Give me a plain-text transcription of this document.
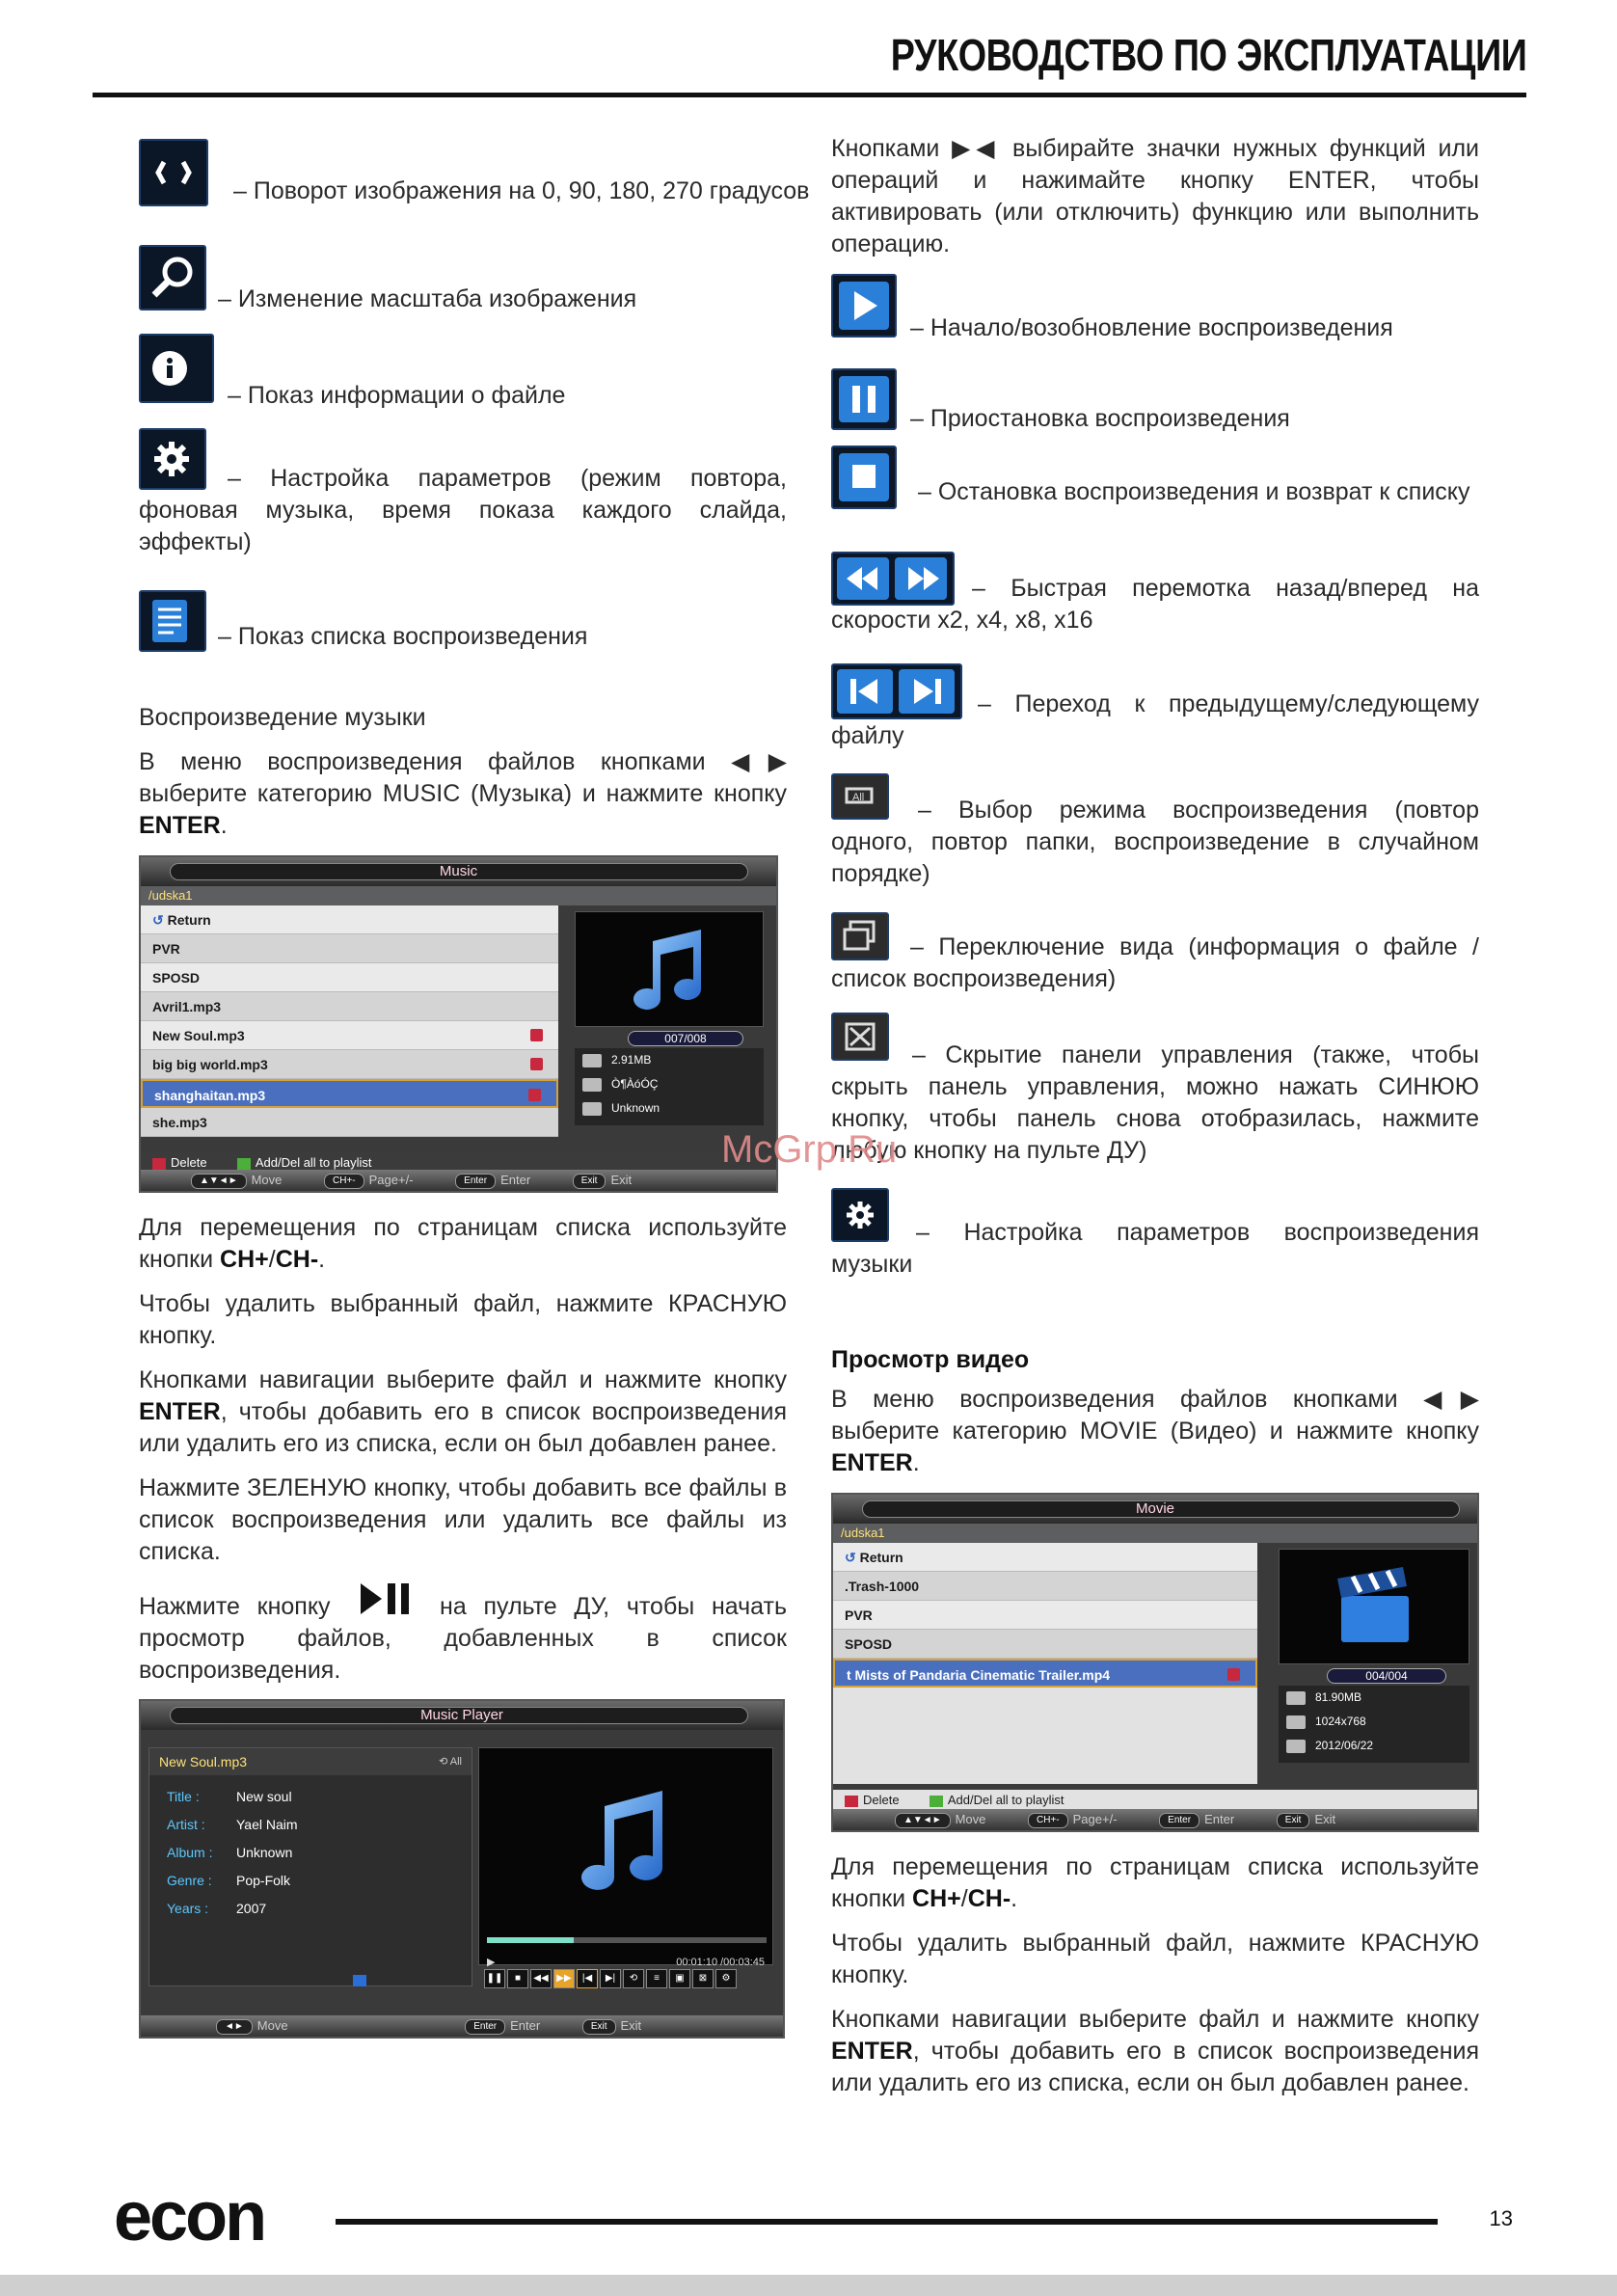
РУКОВОДСТВО ПО ЭКСПЛУАТАЦИИ
– Поворот изображения на 0, 90, 180, 270 градусов
– Изменение масштаба изображения
– Показ информации о файле
– Настройка параметров (режим повтора, фоновая музыка, время показа каждого слайда, эффекты)
– Показ списка воспроизведения
Воспроизведение музыки
В меню воспроизведения файлов кнопками ◀▶ выберите категорию MUSIC (Музыка) и нажмите кнопку ENTER.
Music
/udska1
↺ Return
PVR
SPOSD
Avril1.mp3
New Soul.mp3
big big world.mp3
shanghaitan.mp3
she.mp3
007/008
2.91MB
Ò¶ÀóÓÇ
Unknown
Delete	Add/Del all to playlist
▲▼◄► Move	CH+- Page+/-	Enter Enter	Exit Exit
Для перемещения по страницам списка используйте кнопки CH+/CH-.
Чтобы удалить выбранный файл, нажмите КРАСНУЮ кнопку.
Кнопками навигации выберите файл и нажмите кнопку ENTER, чтобы добавить его в список воспроизведения или удалить его из списка, если он был добавлен ранее.
Нажмите ЗЕЛЕНУЮ кнопку, чтобы добавить все файлы в список воспроизведения или удалить все файлы из списка.
Нажмите кнопку	на пульте ДУ, чтобы начать просмотр файлов, добавленных в список воспроизведения.
Music Player
New Soul.mp3	⟲ All
Title :	New soul
Artist : Yael Naim
Album : Unknown
Genre : Pop-Folk
Years : 2007
▶	00:01:10 /00:03:45
❚❚	■	◀◀ ▶▶	|◀	▶|	⟲	≡	▣	⊠	⚙
◄► Move	Enter Enter	Exit Exit
Кнопками ▶◀ выбирайте значки нужных функций или операций и нажимайте кнопку ENTER, чтобы активировать (или отключить) функцию или выполнить операцию.
– Начало/возобновление воспроизведения
– Приостановка воспроизведения
– Остановка воспроизведения и возврат к списку
– Быстрая перемотка назад/вперед на скорости x2, x4, x8, x16
– Переход к предыдущему/следующему файлу
All	– Выбор режима воспроизведения (повтор одного, повтор папки, воспроизведение в случайном порядке)
– Переключение вида (информация о файле / список воспроизведения)
– Скрытие панели управления (также, чтобы скрыть панель управления, можно нажать СИНЮЮ кнопку, чтобы панель снова отобразилась, нажмите любую кнопку на пульте ДУ)
– Настройка параметров воспроизведения музыки
Просмотр видео
В меню воспроизведения файлов кнопками ◀▶ выберите категорию MOVIE (Видео) и нажмите кнопку ENTER.
Movie
/udska1
↺ Return
.Trash-1000
PVR
SPOSD
t Mists of Pandaria Cinematic Trailer.mp4	004/004
81.90MB
1024x768
2012/06/22
Delete	Add/Del all to playlist
▲▼◄► Move	CH+- Page+/-	Enter Enter	Exit Exit
Для перемещения по страницам списка используйте кнопки CH+/CH-.
Чтобы удалить выбранный файл, нажмите КРАСНУЮ кнопку.
Кнопками навигации выберите файл и нажмите кнопку ENTER, чтобы добавить его в список воспроизведения или удалить его из списка, если он был добавлен ранее.
McGrp.Ru
econ	13
